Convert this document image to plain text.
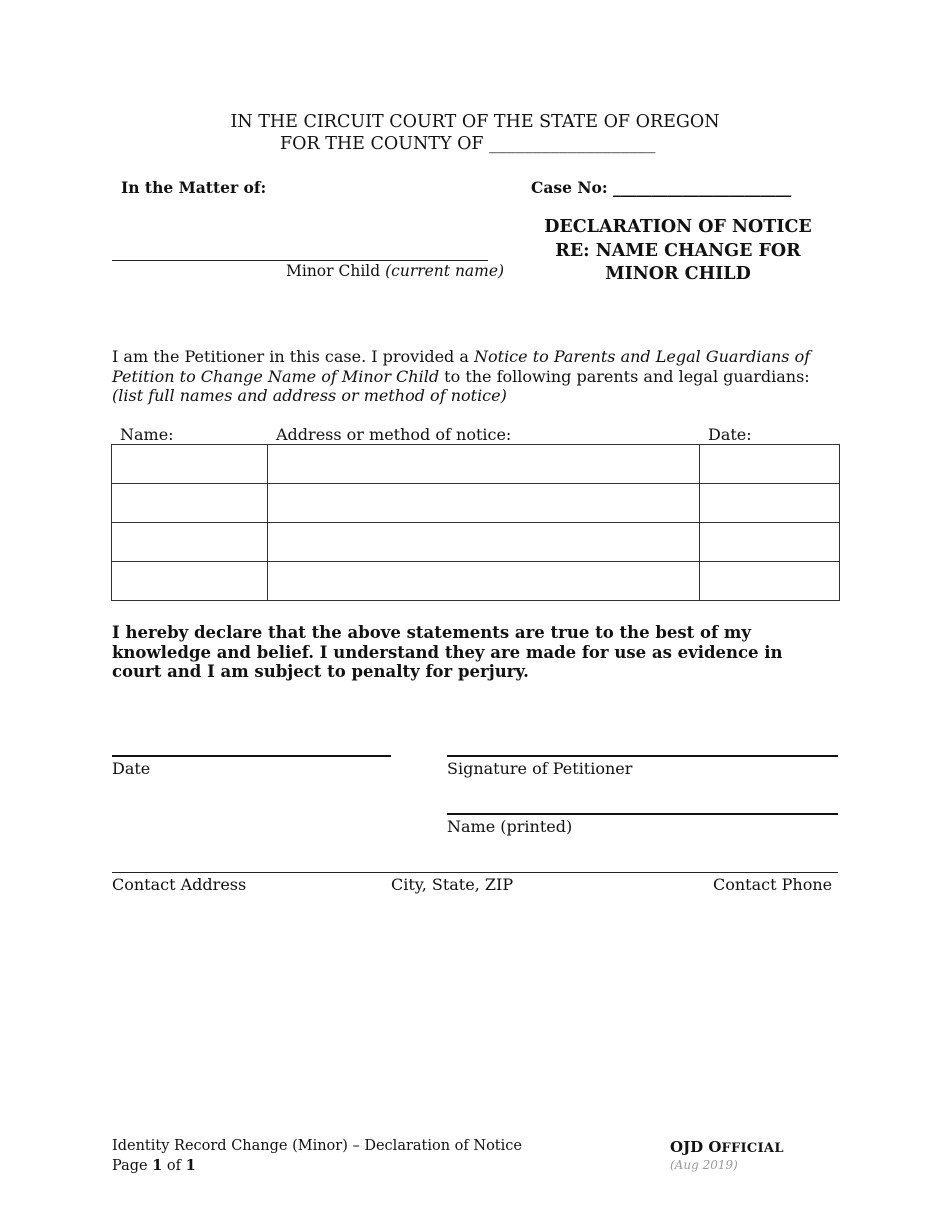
IN THE CIRCUIT COURT OF THE STATE OF OREGON
FOR THE COUNTY OF ___________________
In the Matter of:	Case No: _______________________
Minor Child (current name)
DECLARATION OF NOTICE
RE: NAME CHANGE FOR
MINOR CHILD
I am the Petitioner in this case. I provided a Notice to Parents and Legal Guardians of Petition to Change Name of Minor Child to the following parents and legal guardians: (list full names and address or method of notice)
Name:	Address or method of notice:	Date:

I hereby declare that the above statements are true to the best of my knowledge and belief. I understand they are made for use as evidence in court and I am subject to penalty for perjury.
Date	Signature of Petitioner
Name (printed)
Contact Address	City, State, ZIP	Contact Phone
Identity Record Change (Minor) – Declaration of Notice
Page 1 of 1
OJD OFFICIAL
(Aug 2019)
